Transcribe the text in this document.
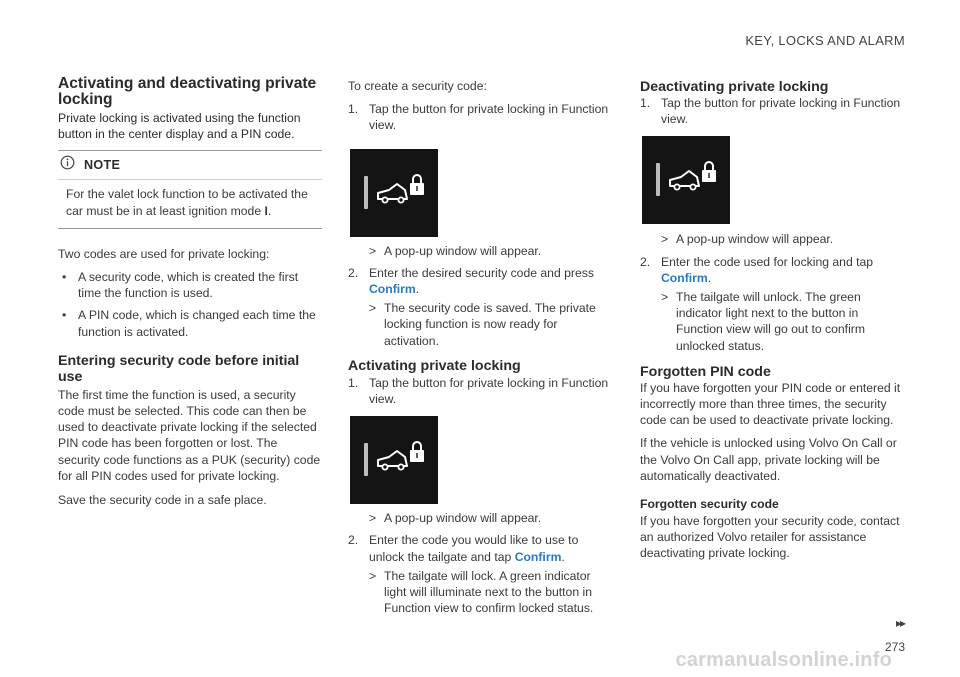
KEY, LOCKS AND ALARM
Activating and deactivating private locking

Private locking is activated using the function button in the center display and a PIN code.

NOTE

For the valet lock function to be activated the car must be in at least ignition mode I.

Two codes are used for private locking:

• A security code, which is created the first time the function is used.

• A PIN code, which is changed each time the function is activated.

Entering security code before initial use

The first time the function is used, a security code must be selected. This code can then be used to deactivate private locking if the selected PIN code has been forgotten or lost. The security code functions as a PUK (security) code for all PIN codes used for private locking.

Save the security code in a safe place.

To create a security code:

1. Tap the button for private locking in Function view.

> A pop-up window will appear.

2. Enter the desired security code and press Confirm.

> The security code is saved. The private locking function is now ready for activation.

Activating private locking

1. Tap the button for private locking in Function view.

> A pop-up window will appear.

2. Enter the code you would like to use to unlock the tailgate and tap Confirm.

> The tailgate will lock. A green indicator light will illuminate next to the button in Function view to confirm locked status.

Deactivating private locking

1. Tap the button for private locking in Function view.

> A pop-up window will appear.

2. Enter the code used for locking and tap Confirm.

> The tailgate will unlock. The green indicator light next to the button in Function view will go out to confirm unlocked status.

Forgotten PIN code

If you have forgotten your PIN code or entered it incorrectly more than three times, the security code can be used to deactivate private locking.

If the vehicle is unlocked using Volvo On Call or the Volvo On Call app, private locking will be automatically deactivated.

Forgotten security code

If you have forgotten your security code, contact an authorized Volvo retailer for assistance deactivating private locking.

▸▸
273
carmanualsonline.info
